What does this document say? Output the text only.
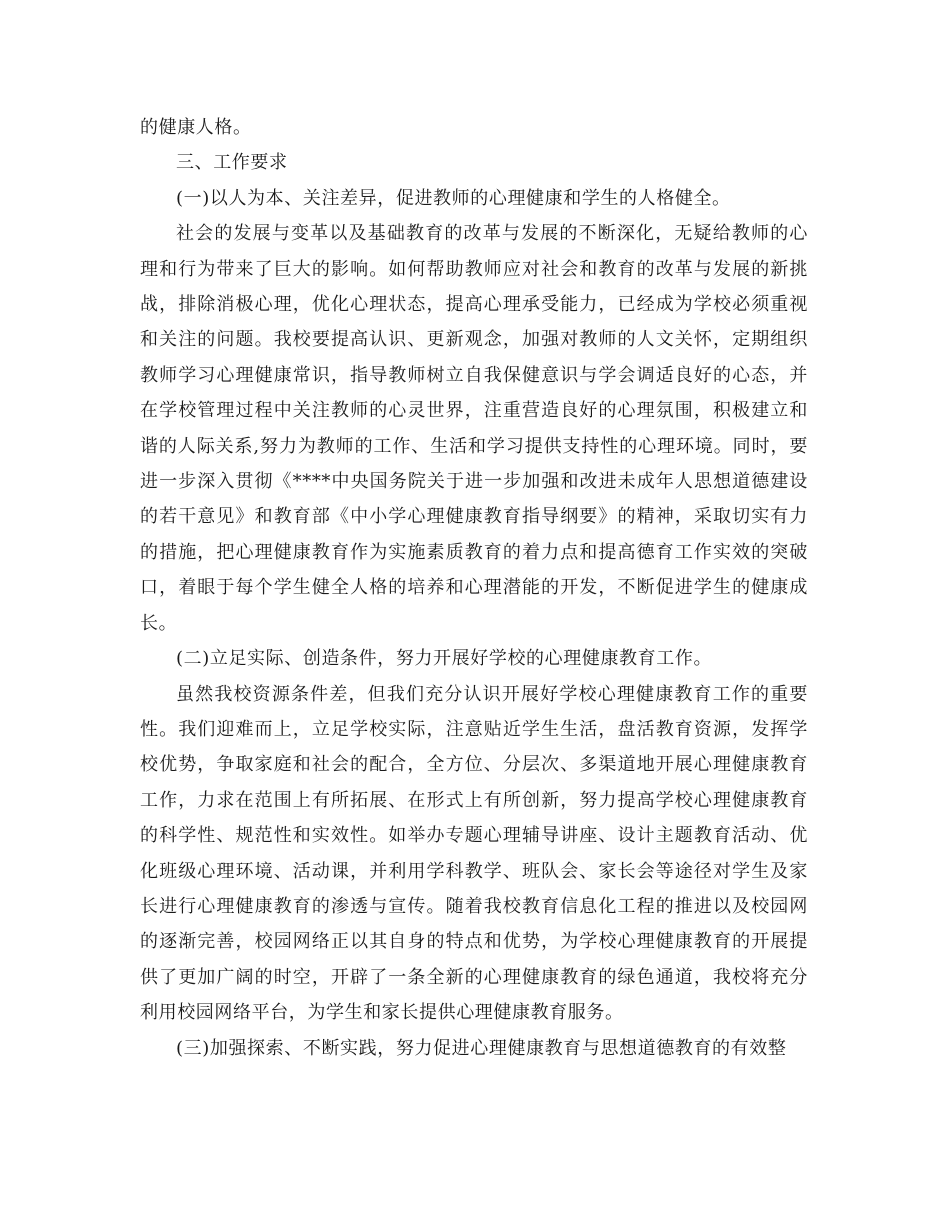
的健康人格。

三、工作要求

(一)以人为本、关注差异，促进教师的心理健康和学生的人格健全。

社会的发展与变革以及基础教育的改革与发展的不断深化，无疑给教师的心理和行为带来了巨大的影响。如何帮助教师应对社会和教育的改革与发展的新挑战，排除消极心理，优化心理状态，提高心理承受能力，已经成为学校必须重视和关注的问题。我校要提高认识、更新观念，加强对教师的人文关怀，定期组织教师学习心理健康常识，指导教师树立自我保健意识与学会调适良好的心态，并在学校管理过程中关注教师的心灵世界，注重营造良好的心理氛围，积极建立和谐的人际关系,努力为教师的工作、生活和学习提供支持性的心理环境。同时，要进一步深入贯彻《****中央国务院关于进一步加强和改进未成年人思想道德建设的若干意见》和教育部《中小学心理健康教育指导纲要》的精神，采取切实有力的措施，把心理健康教育作为实施素质教育的着力点和提高德育工作实效的突破口，着眼于每个学生健全人格的培养和心理潜能的开发，不断促进学生的健康成长。

(二)立足实际、创造条件，努力开展好学校的心理健康教育工作。

虽然我校资源条件差，但我们充分认识开展好学校心理健康教育工作的重要性。我们迎难而上，立足学校实际，注意贴近学生生活，盘活教育资源，发挥学校优势，争取家庭和社会的配合，全方位、分层次、多渠道地开展心理健康教育工作，力求在范围上有所拓展、在形式上有所创新，努力提高学校心理健康教育的科学性、规范性和实效性。如举办专题心理辅导讲座、设计主题教育活动、优化班级心理环境、活动课，并利用学科教学、班队会、家长会等途径对学生及家长进行心理健康教育的渗透与宣传。随着我校教育信息化工程的推进以及校园网的逐渐完善，校园网络正以其自身的特点和优势，为学校心理健康教育的开展提供了更加广阔的时空，开辟了一条全新的心理健康教育的绿色通道，我校将充分利用校园网络平台，为学生和家长提供心理健康教育服务。

(三)加强探索、不断实践，努力促进心理健康教育与思想道德教育的有效整
